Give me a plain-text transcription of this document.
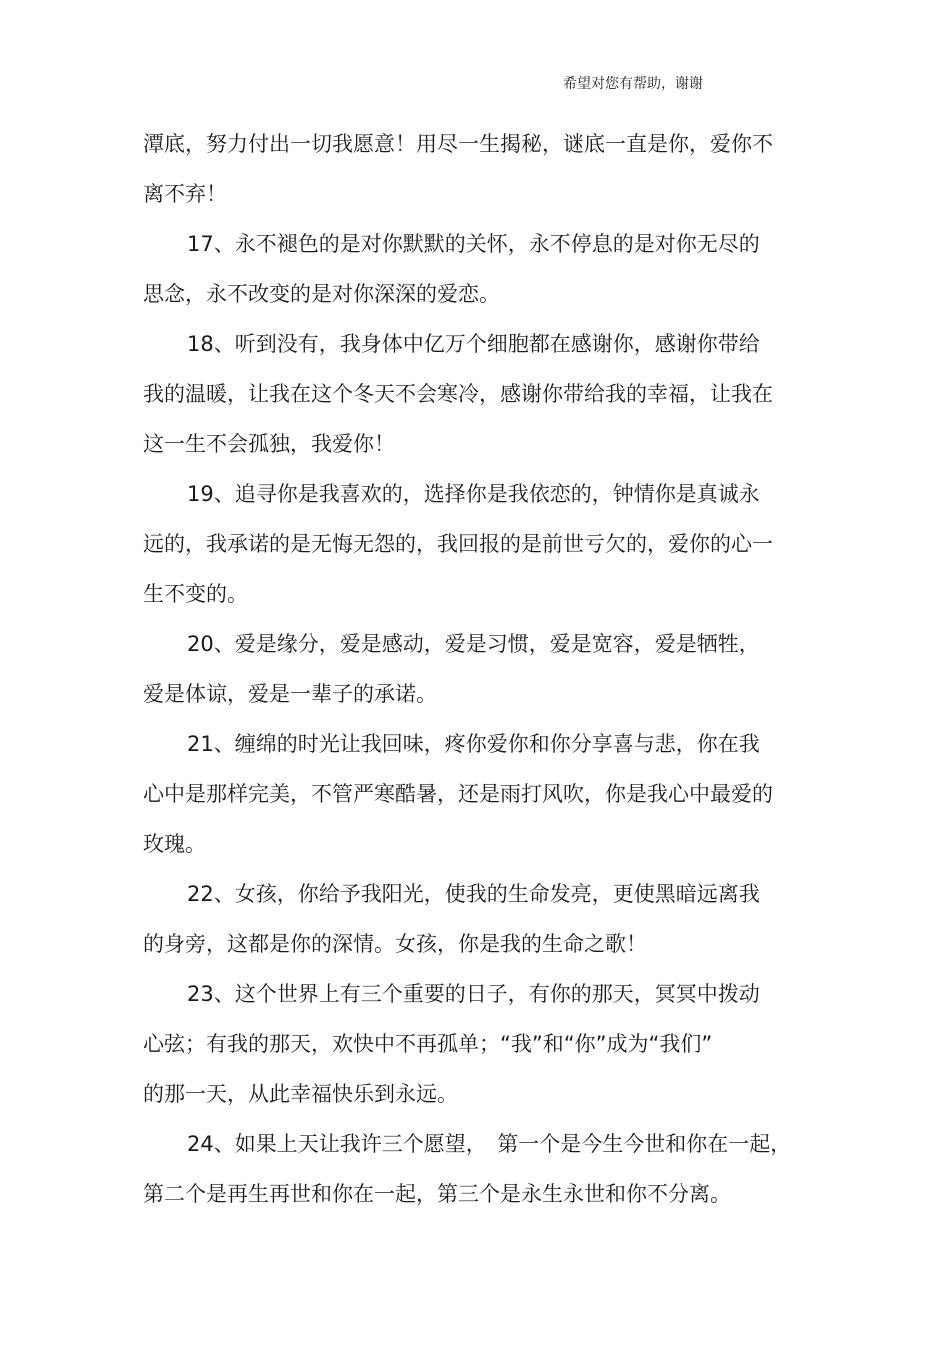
希望对您有帮助，谢谢

潭底，努力付出一切我愿意！用尽一生揭秘，谜底一直是你，爱你不

离不弃！

17、永不褪色的是对你默默的关怀，永不停息的是对你无尽的

思念，永不改变的是对你深深的爱恋。

18、听到没有，我身体中亿万个细胞都在感谢你，感谢你带给

我的温暖，让我在这个冬天不会寒冷，感谢你带给我的幸福，让我在

这一生不会孤独，我爱你！

19、追寻你是我喜欢的，选择你是我依恋的，钟情你是真诚永

远的，我承诺的是无悔无怨的，我回报的是前世亏欠的，爱你的心一

生不变的。

20、爱是缘分，爱是感动，爱是习惯，爱是宽容，爱是牺牲，

爱是体谅，爱是一辈子的承诺。

21、缠绵的时光让我回味，疼你爱你和你分享喜与悲，你在我

心中是那样完美，不管严寒酷暑，还是雨打风吹，你是我心中最爱的

玫瑰。

22、女孩，你给予我阳光，使我的生命发亮，更使黑暗远离我

的身旁，这都是你的深情。女孩，你是我的生命之歌！

23、这个世界上有三个重要的日子，有你的那天，冥冥中拨动

心弦；有我的那天，欢快中不再孤单；“我”和“你”成为“我们”

的那一天，从此幸福快乐到永远。

24、如果上天让我许三个愿望，　第一个是今生今世和你在一起，

第二个是再生再世和你在一起，第三个是永生永世和你不分离。
